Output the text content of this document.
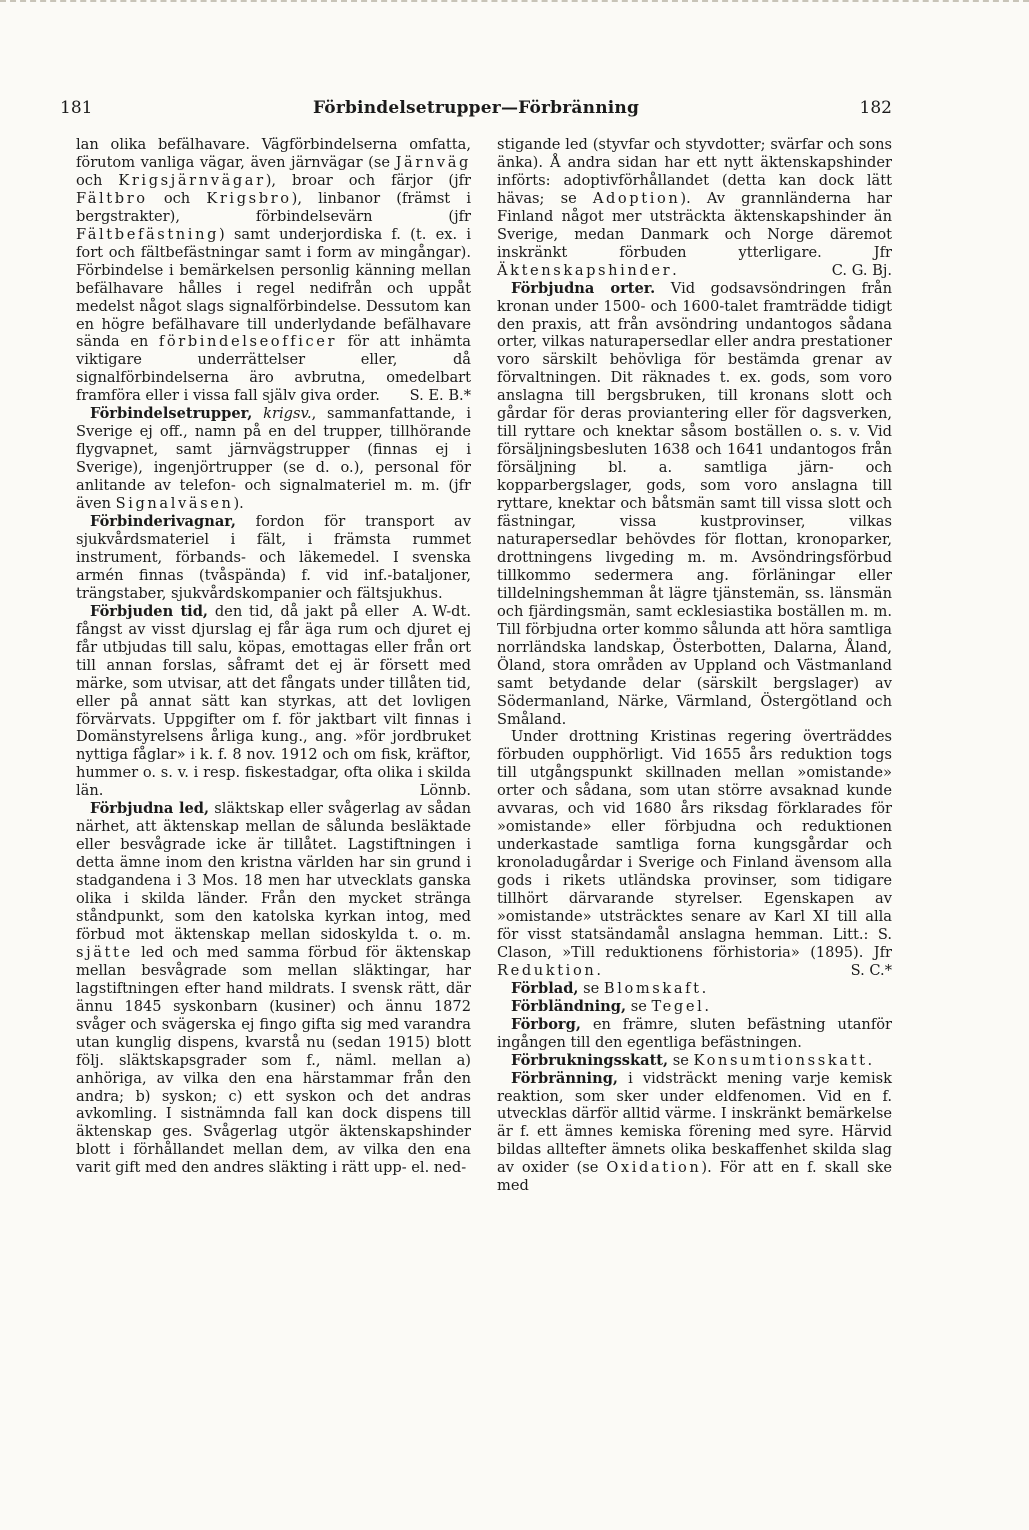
181	Förbindelsetrupper—Förbränning	182

lan olika befälhavare. Vägförbindelserna omfatta, förutom vanliga vägar, även järnvägar (se Järnväg och Krigsjärnvägar), broar och färjor (jfr Fältbro och Krigsbro), linbanor (främst i bergstrakter), förbindelsevärn (jfr Fältbefästning) samt underjordiska f. (t. ex. i fort och fältbefästningar samt i form av mingångar). Förbindelse i bemärkelsen personlig känning mellan befälhavare hålles i regel nedifrån och uppåt medelst något slags signalförbindelse. Dessutom kan en högre befälhavare till underlydande befälhavare sända en förbindelseofficer för att inhämta viktigare underrättelser eller, då signalförbindelserna äro avbrutna, omedelbart framföra eller i vissa fall själv giva order. S. E. B.*

Förbindelsetrupper, krigsv., sammanfattande, i Sverige ej off., namn på en del trupper, tillhörande flygvapnet, samt järnvägstrupper (finnas ej i Sverige), ingenjörtrupper (se d. o.), personal för anlitande av telefon- och signalmateriel m. m. (jfr även Signalväsen).

Förbinderivagnar, fordon för transport av sjukvårdsmateriel i fält, i främsta rummet instrument, förbands- och läkemedel. I svenska armén finnas (tvåspända) f. vid inf.-bataljoner, trängstaber, sjukvårdskompanier och fältsjukhus.
A. W-dt.

Förbjuden tid, den tid, då jakt på eller fångst av visst djurslag ej får äga rum och djuret ej får utbjudas till salu, köpas, emottagas eller från ort till annan forslas, såframt det ej är försett med märke, som utvisar, att det fångats under tillåten tid, eller på annat sätt kan styrkas, att det lovligen förvärvats. Uppgifter om f. för jaktbart vilt finnas i Domänstyrelsens årliga kung., ang. »för jordbruket nyttiga fåglar» i k. f. 8 nov. 1912 och om fisk, kräftor, hummer o. s. v. i resp. fiskestadgar, ofta olika i skilda län.	Lönnb.

Förbjudna led, släktskap eller svågerlag av sådan närhet, att äktenskap mellan de sålunda besläktade eller besvågrade icke är tillåtet. Lagstiftningen i detta ämne inom den kristna världen har sin grund i stadgandena i 3 Mos. 18 men har utvecklats ganska olika i skilda länder. Från den mycket stränga ståndpunkt, som den katolska kyrkan intog, med förbud mot äktenskap mellan sidoskylda t. o. m. sjätte led och med samma förbud för äktenskap mellan besvågrade som mellan släktingar, har lagstiftningen efter hand mildrats. I svensk rätt, där ännu 1845 syskonbarn (kusiner) och ännu 1872 svåger och svägerska ej fingo gifta sig med varandra utan kunglig dispens, kvarstå nu (sedan 1915) blott följ. släktskapsgrader som f., näml. mellan a) anhöriga, av vilka den ena härstammar från den andra; b) syskon; c) ett syskon och det andras avkomling. I sistnämnda fall kan dock dispens till äktenskap ges. Svågerlag utgör äktenskapshinder blott i förhållandet mellan dem, av vilka den ena varit gift med den andres släkting i rätt upp- el. ned-

stigande led (styvfar och styvdotter; svärfar och sons änka). Å andra sidan har ett nytt äktenskapshinder införts: adoptivförhållandet (detta kan dock lätt hävas; se Adoption). Av grannländerna har Finland något mer utsträckta äktenskapshinder än Sverige, medan Danmark och Norge däremot inskränkt förbuden ytterligare. Jfr Äktenskapshinder.	C. G. Bj.

Förbjudna orter. Vid godsavsöndringen från kronan under 1500- och 1600-talet framträdde tidigt den praxis, att från avsöndring undantogos sådana orter, vilkas naturapersedlar eller andra prestationer voro särskilt behövliga för bestämda grenar av förvaltningen. Dit räknades t. ex. gods, som voro anslagna till bergsbruken, till kronans slott och gårdar för deras proviantering eller för dagsverken, till ryttare och knektar såsom boställen o. s. v. Vid försäljningsbesluten 1638 och 1641 undantogos från försäljning bl. a. samtliga järn- och kopparbergslager, gods, som voro anslagna till ryttare, knektar och båtsmän samt till vissa slott och fästningar, vissa kustprovinser, vilkas naturapersedlar behövdes för flottan, kronoparker, drottningens livgeding m. m. Avsöndringsförbud tillkommo sedermera ang. förläningar eller tilldelningshemman åt lägre tjänstemän, ss. länsmän och fjärdingsmän, samt ecklesiastika boställen m. m. Till förbjudna orter kommo sålunda att höra samtliga norrländska landskap, Österbotten, Dalarna, Åland, Öland, stora områden av Uppland och Västmanland samt betydande delar (särskilt bergslager) av Södermanland, Närke, Värmland, Östergötland och Småland.

Under drottning Kristinas regering överträddes förbuden oupphörligt. Vid 1655 års reduktion togs till utgångspunkt skillnaden mellan »omistande» orter och sådana, som utan större avsaknad kunde avvaras, och vid 1680 års riksdag förklarades för »omistande» eller förbjudna och reduktionen underkastade samtliga forna kungsgårdar och kronoladugårdar i Sverige och Finland ävensom alla gods i rikets utländska provinser, som tidigare tillhört därvarande styrelser. Egenskapen av »omistande» utsträcktes senare av Karl XI till alla för visst statsändamål anslagna hemman. Litt.: S. Clason, »Till reduktionens förhistoria» (1895). Jfr Reduktion.	S. C.*

Förblad, se Blomskaft.

Förbländning, se Tegel.

Förborg, en främre, sluten befästning utanför ingången till den egentliga befästningen.

Förbrukningsskatt, se Konsumtionsskatt.

Förbränning, i vidsträckt mening varje kemisk reaktion, som sker under eldfenomen. Vid en f. utvecklas därför alltid värme. I inskränkt bemärkelse är f. ett ämnes kemiska förening med syre. Härvid bildas alltefter ämnets olika beskaffenhet skilda slag av oxider (se Oxidation). För att en f. skall ske med
